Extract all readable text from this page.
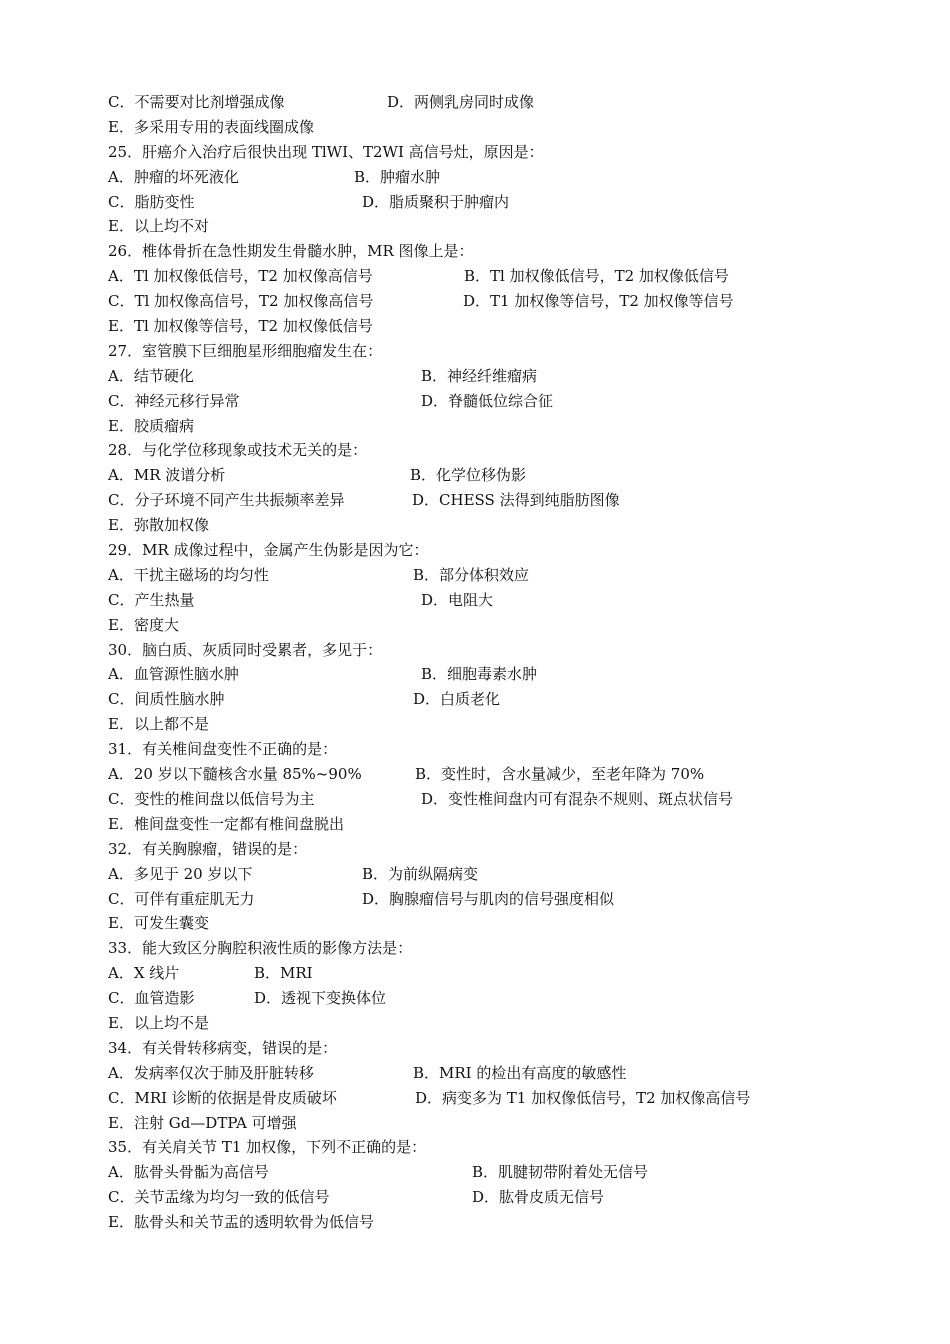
C．不需要对比剂增强成像	D．两侧乳房同时成像
E．多采用专用的表面线圈成像
25．肝癌介入治疗后很快出现 TlWI、T2WI 高信号灶，原因是：
A．肿瘤的坏死液化	B．肿瘤水肿
C．脂肪变性	D．脂质聚积于肿瘤内
E．以上均不对
26．椎体骨折在急性期发生骨髓水肿，MR 图像上是：
A．Tl 加权像低信号，T2 加权像高信号	B．Tl 加权像低信号，T2 加权像低信号
C．Tl 加权像高信号，T2 加权像高信号	D．T1 加权像等信号，T2 加权像等信号
E．Tl 加权像等信号，T2 加权像低信号
27．室管膜下巨细胞星形细胞瘤发生在：
A．结节硬化	B．神经纤维瘤病
C．神经元移行异常	D．脊髓低位综合征
E．胶质瘤病
28．与化学位移现象或技术无关的是：
A．MR 波谱分析	B．化学位移伪影
C．分子环境不同产生共振频率差异	D．CHESS 法得到纯脂肪图像
E．弥散加权像
29．MR 成像过程中，金属产生伪影是因为它：
A．干扰主磁场的均匀性	B．部分体积效应
C．产生热量	D．电阻大
E．密度大
30．脑白质、灰质同时受累者，多见于：
A．血管源性脑水肿	B．细胞毒素水肿
C．间质性脑水肿	D．白质老化
E．以上都不是
31．有关椎间盘变性不正确的是：
A．20 岁以下髓核含水量 85%~90%	B．变性时，含水量减少，至老年降为 70%
C．变性的椎间盘以低信号为主	D．变性椎间盘内可有混杂不规则、斑点状信号
E．椎间盘变性一定都有椎间盘脱出
32．有关胸腺瘤，错误的是：
A．多见于 20 岁以下	B．为前纵隔病变
C．可伴有重症肌无力	D．胸腺瘤信号与肌肉的信号强度相似
E．可发生囊变
33．能大致区分胸腔积液性质的影像方法是：
A．X 线片	B．MRI
C．血管造影	D．透视下变换体位
E．以上均不是
34．有关骨转移病变，错误的是：
A．发病率仅次于肺及肝脏转移	B．MRI 的检出有高度的敏感性
C．MRI 诊断的依据是骨皮质破坏	D．病变多为 T1 加权像低信号，T2 加权像高信号
E．注射 Gd—DTPA 可增强
35．有关肩关节 T1 加权像，下列不正确的是：
A．肱骨头骨骺为高信号	B．肌腱韧带附着处无信号
C．关节盂缘为均匀一致的低信号	D．肱骨皮质无信号
E．肱骨头和关节盂的透明软骨为低信号
